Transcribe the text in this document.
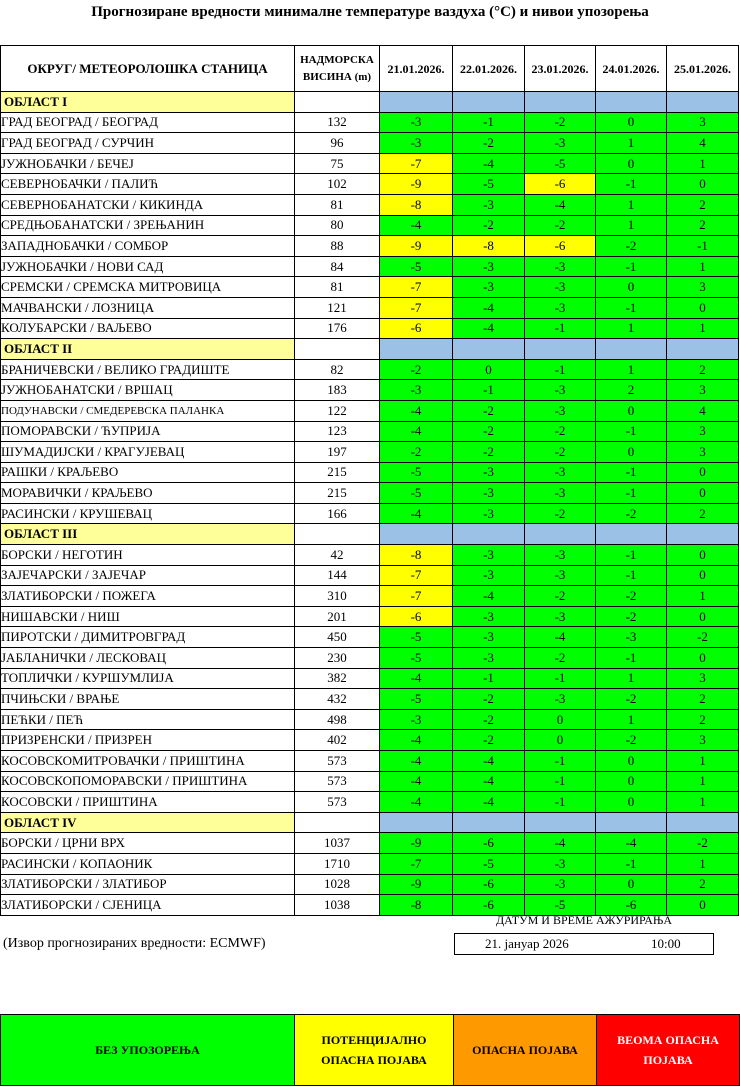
Прогнозиране вредности минималне температуре ваздуха (°C) и нивои упозорења
ОКРУГ/ МЕТЕОРОЛОШКА СТАНИЦА	НАДМОРСКА ВИСИНА (m)	21.01.2026.	22.01.2026.	23.01.2026.	24.01.2026.	25.01.2026.
ОБЛАСТ I						
ГРАД БЕОГРАД / БЕОГРАД	132	-3	-1	-2	0	3
ГРАД БЕОГРАД / СУРЧИН	96	-3	-2	-3	1	4
ЈУЖНОБАЧКИ / БЕЧЕЈ	75	-7	-4	-5	0	1
СЕВЕРНОБАЧКИ / ПАЛИЋ	102	-9	-5	-6	-1	0
СЕВЕРНОБАНАТСКИ / КИКИНДА	81	-8	-3	-4	1	2
СРЕДЊОБАНАТСКИ / ЗРЕЊАНИН	80	-4	-2	-2	1	2
ЗАПАДНОБАЧКИ / СОМБОР	88	-9	-8	-6	-2	-1
ЈУЖНОБАЧКИ / НОВИ САД	84	-5	-3	-3	-1	1
СРЕМСКИ / СРЕМСКА МИТРОВИЦА	81	-7	-3	-3	0	3
МАЧВАНСКИ / ЛОЗНИЦА	121	-7	-4	-3	-1	0
КОЛУБАРСКИ / ВАЉЕВО	176	-6	-4	-1	1	1
ОБЛАСТ II						
БРАНИЧЕВСКИ / ВЕЛИКО ГРАДИШТЕ	82	-2	0	-1	1	2
ЈУЖНОБАНАТСКИ / ВРШАЦ	183	-3	-1	-3	2	3
ПОДУНАВСКИ / СМЕДЕРЕВСКА ПАЛАНКА	122	-4	-2	-3	0	4
ПОМОРАВСКИ / ЋУПРИЈА	123	-4	-2	-2	-1	3
ШУМАДИЈСКИ / КРАГУЈЕВАЦ	197	-2	-2	-2	0	3
РАШКИ / КРАЉЕВО	215	-5	-3	-3	-1	0
МОРАВИЧКИ / КРАЉЕВО	215	-5	-3	-3	-1	0
РАСИНСКИ / КРУШЕВАЦ	166	-4	-3	-2	-2	2
ОБЛАСТ III						
БОРСКИ / НЕГОТИН	42	-8	-3	-3	-1	0
ЗАЈЕЧАРСКИ / ЗАЈЕЧАР	144	-7	-3	-3	-1	0
ЗЛАТИБОРСКИ / ПОЖЕГА	310	-7	-4	-2	-2	1
НИШАВСКИ / НИШ	201	-6	-3	-3	-2	0
ПИРОТСКИ / ДИМИТРОВГРАД	450	-5	-3	-4	-3	-2
ЈАБЛАНИЧКИ / ЛЕСКОВАЦ	230	-5	-3	-2	-1	0
ТОПЛИЧКИ / КУРШУМЛИЈА	382	-4	-1	-1	1	3
ПЧИЊСКИ / ВРАЊЕ	432	-5	-2	-3	-2	2
ПЕЋКИ / ПЕЋ	498	-3	-2	0	1	2
ПРИЗРЕНСКИ / ПРИЗРЕН	402	-4	-2	0	-2	3
КОСОВСКОМИТРОВАЧКИ / ПРИШТИНА	573	-4	-4	-1	0	1
КОСОВСКОПОМОРАВСКИ / ПРИШТИНА	573	-4	-4	-1	0	1
КОСОВСКИ / ПРИШТИНА	573	-4	-4	-1	0	1
ОБЛАСТ IV						
БОРСКИ / ЦРНИ ВРХ	1037	-9	-6	-4	-4	-2
РАСИНСКИ / КОПАОНИК	1710	-7	-5	-3	-1	1
ЗЛАТИБОРСКИ / ЗЛАТИБОР	1028	-9	-6	-3	0	2
ЗЛАТИБОРСКИ / СЈЕНИЦА	1038	-8	-6	-5	-6	0
ДАТУМ И ВРЕМЕ АЖУРИРАЊА
21. јануар 2026	10:00
(Извор прогнозираних вредности: ECMWF)
БЕЗ УПОЗОРЕЊА	ПОТЕНЦИЈАЛНО ОПАСНА ПОЈАВА	ОПАСНА ПОЈАВА	ВЕОМА ОПАСНА ПОЈАВА
